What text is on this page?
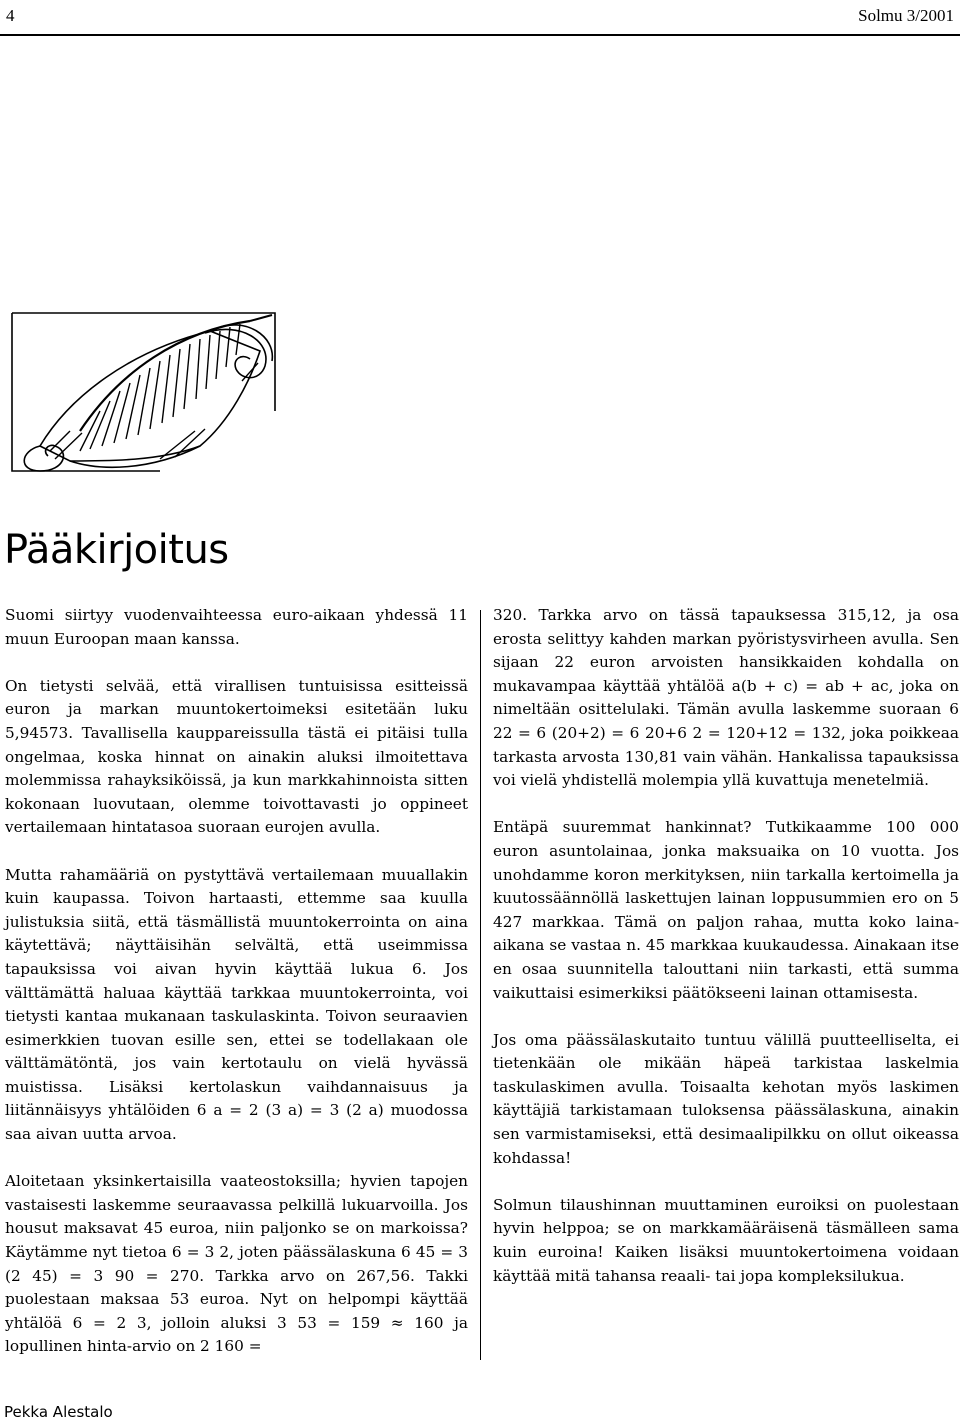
4	Solmu 3/2001
Pääkirjoitus

Suomi siirtyy vuodenvaihteessa euro-aikaan yhdessä 11 muun Euroopan maan kanssa.

On tietysti selvää, että virallisen tuntuisissa esitteissä euron ja markan muuntokertoimeksi esitetään luku 5,94573. Tavallisella kauppareissulla tästä ei pitäisi tulla ongelmaa, koska hinnat on ainakin aluksi ilmoitettava molemmissa rahayksiköissä, ja kun markkahinnoista sitten kokonaan luovutaan, olemme toivottavasti jo oppineet vertailemaan hintatasoa suoraan eurojen avulla.

Mutta rahamääriä on pystyttävä vertailemaan muuallakin kuin kaupassa. Toivon hartaasti, ettemme saa kuulla julistuksia siitä, että täsmällistä muuntokerrointa on aina käytettävä; näyttäisihän selvältä, että useimmissa tapauksissa voi aivan hyvin käyttää lukua 6. Jos välttämättä haluaa käyttää tarkkaa muuntokerrointa, voi tietysti kantaa mukanaan taskulaskinta. Toivon seuraavien esimerkkien tuovan esille sen, ettei se todellakaan ole välttämätöntä, jos vain kertotaulu on vielä hyvässä muistissa. Lisäksi kertolaskun vaihdannaisuus ja liitännäisyys yhtälöiden 6 a = 2 (3 a) = 3 (2 a) muodossa saa aivan uutta arvoa.

Aloitetaan yksinkertaisilla vaateostoksilla; hyvien tapojen vastaisesti laskemme seuraavassa pelkillä lukuarvoilla. Jos housut maksavat 45 euroa, niin paljonko se on markoissa? Käytämme nyt tietoa 6 = 3 2, joten päässälaskuna 6 45 = 3 (2 45) = 3 90 = 270. Tarkka arvo on 267,56. Takki puolestaan maksaa 53 euroa. Nyt on helpompi käyttää yhtälöä 6 = 2 3, jolloin aluksi 3 53 = 159 ≈ 160 ja lopullinen hinta-arvio on 2 160 =

320. Tarkka arvo on tässä tapauksessa 315,12, ja osa erosta selittyy kahden markan pyöristysvirheen avulla. Sen sijaan 22 euron arvoisten hansikkaiden kohdalla on mukavampaa käyttää yhtälöä a(b + c) = ab + ac, joka on nimeltään osittelulaki. Tämän avulla laskemme suoraan 6 22 = 6 (20+2) = 6 20+6 2 = 120+12 = 132, joka poikkeaa tarkasta arvosta 130,81 vain vähän. Hankalissa tapauksissa voi vielä yhdistellä molempia yllä kuvattuja menetelmiä.

Entäpä suuremmat hankinnat? Tutkikaamme 100 000 euron asuntolainaa, jonka maksuaika on 10 vuotta. Jos unohdamme koron merkityksen, niin tarkalla kertoimella ja kuutossäännöllä laskettujen lainan loppusummien ero on 5 427 markkaa. Tämä on paljon rahaa, mutta koko laina-aikana se vastaa n. 45 markkaa kuukaudessa. Ainakaan itse en osaa suunnitella talouttani niin tarkasti, että summa vaikuttaisi esimerkiksi päätökseeni lainan ottamisesta.

Jos oma päässälaskutaito tuntuu välillä puutteelliselta, ei tietenkään ole mikään häpeä tarkistaa laskelmia taskulaskimen avulla. Toisaalta kehotan myös laskimen käyttäjiä tarkistamaan tuloksensa päässälaskuna, ainakin sen varmistamiseksi, että desimaalipilkku on ollut oikeassa kohdassa!

Solmun tilaushinnan muuttaminen euroiksi on puolestaan hyvin helppoa; se on markkamääräisenä täsmälleen sama kuin euroina! Kaiken lisäksi muuntokertoimena voidaan käyttää mitä tahansa reaali- tai jopa kompleksilukua.

Pekka Alestalo
